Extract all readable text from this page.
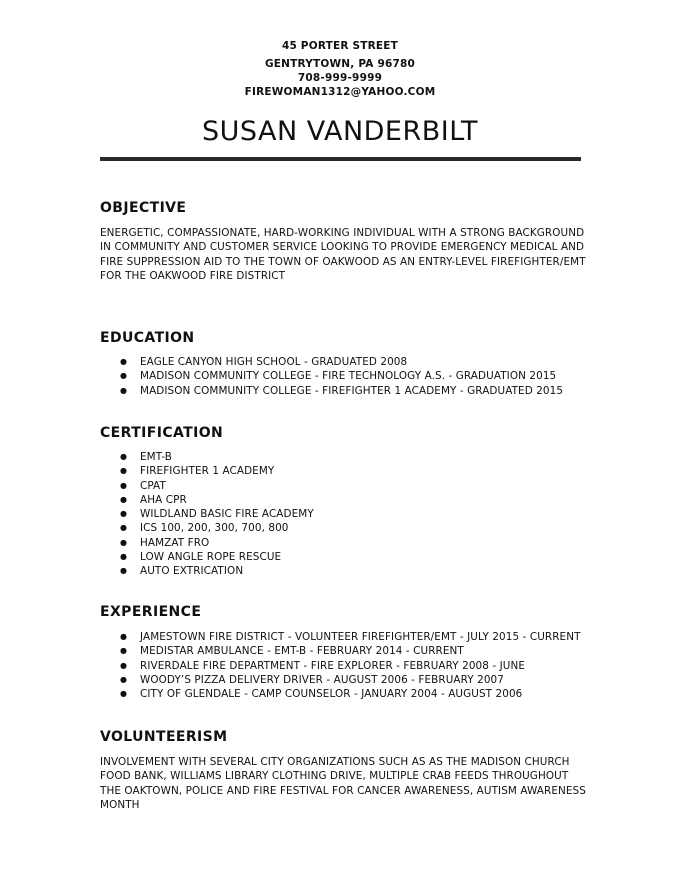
45 PORTER STREET
GENTRYTOWN, PA 96780
708-999-9999
FIREWOMAN1312@YAHOO.COM
SUSAN VANDERBILT
OBJECTIVE
ENERGETIC, COMPASSIONATE, HARD-WORKING INDIVIDUAL WITH A STRONG BACKGROUND
IN COMMUNITY AND CUSTOMER SERVICE LOOKING TO PROVIDE EMERGENCY MEDICAL AND
FIRE SUPPRESSION AID TO THE TOWN OF OAKWOOD AS AN ENTRY-LEVEL FIREFIGHTER/EMT
FOR THE OAKWOOD FIRE DISTRICT
EDUCATION
● EAGLE CANYON HIGH SCHOOL - GRADUATED 2008
● MADISON COMMUNITY COLLEGE - FIRE TECHNOLOGY A.S. - GRADUATION 2015
● MADISON COMMUNITY COLLEGE - FIREFIGHTER 1 ACADEMY - GRADUATED 2015
CERTIFICATION
● EMT-B
● FIREFIGHTER 1 ACADEMY
● CPAT
● AHA CPR
● WILDLAND BASIC FIRE ACADEMY
● ICS 100, 200, 300, 700, 800
● HAMZAT FRO
● LOW ANGLE ROPE RESCUE
● AUTO EXTRICATION
EXPERIENCE
● JAMESTOWN FIRE DISTRICT - VOLUNTEER FIREFIGHTER/EMT - JULY 2015 - CURRENT
● MEDISTAR AMBULANCE - EMT-B - FEBRUARY 2014 - CURRENT
● RIVERDALE FIRE DEPARTMENT - FIRE EXPLORER - FEBRUARY 2008 - JUNE
● WOODY’S PIZZA DELIVERY DRIVER - AUGUST 2006 - FEBRUARY 2007
● CITY OF GLENDALE - CAMP COUNSELOR - JANUARY 2004 - AUGUST 2006
VOLUNTEERISM
INVOLVEMENT WITH SEVERAL CITY ORGANIZATIONS SUCH AS AS THE MADISON CHURCH
FOOD BANK, WILLIAMS LIBRARY CLOTHING DRIVE, MULTIPLE CRAB FEEDS THROUGHOUT
THE OAKTOWN, POLICE AND FIRE FESTIVAL FOR CANCER AWARENESS, AUTISM AWARENESS
MONTH
